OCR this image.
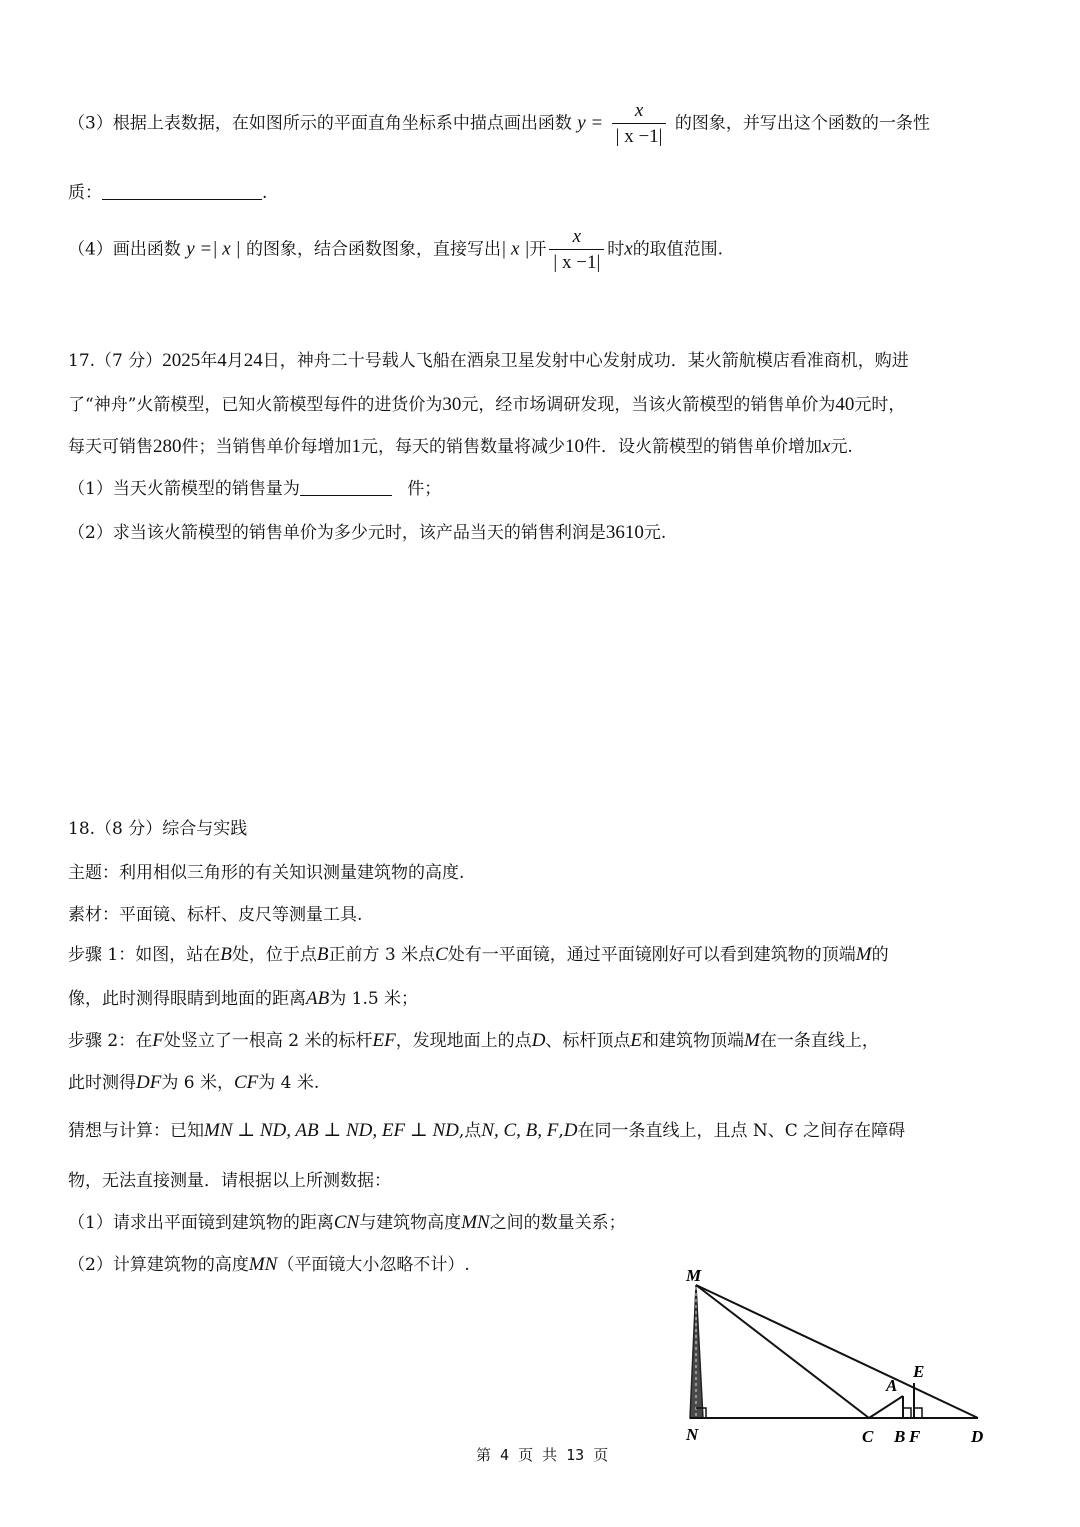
（3）根据上表数据，在如图所示的平面直角坐标系中描点画出函数 $y = \frac{x}{| x -1|}$ 的图象，并写出这个函数的一条性
质：	.
（4）画出函数 y =| x | 的图象，结合函数图象，直接写出| x |开 $\frac{x}{| x -1|}$ 时x的取值范围.
17.（7 分）2025年4月24日，神舟二十号载人飞船在酒泉卫星发射中心发射成功．某火箭航模店看准商机，购进
了“神舟”火箭模型，已知火箭模型每件的进货价为30元，经市场调研发现，当该火箭模型的销售单价为40元时，
每天可销售280件；当销售单价每增加1元，每天的销售数量将减少10件．设火箭模型的销售单价增加x元.
（1）当天火箭模型的销售量为	件；
（2）求当该火箭模型的销售单价为多少元时，该产品当天的销售利润是3610元.
18.（8 分）综合与实践
主题：利用相似三角形的有关知识测量建筑物的高度.
素材：平面镜、标杆、皮尺等测量工具.
步骤 1：如图，站在B处，位于点B正前方 3 米点C处有一平面镜，通过平面镜刚好可以看到建筑物的顶端M的
像，此时测得眼睛到地面的距离AB为 1.5 米；
步骤 2：在F处竖立了一根高 2 米的标杆EF，发现地面上的点D、标杆顶点E和建筑物顶端M在一条直线上，
此时测得DF为 6 米，CF为 4 米.
猜想与计算：已知MN ⊥ ND, AB ⊥ ND, EF ⊥ ND,点N, C, B, F,D在同一条直线上，且点 N、C 之间存在障碍
物，无法直接测量．请根据以上所测数据：
（1）请求出平面镜到建筑物的距离CN与建筑物高度MN之间的数量关系；
（2）计算建筑物的高度MN（平面镜大小忽略不计）.
M
N
A
E
C B F	D
第 4 页 共 13 页
